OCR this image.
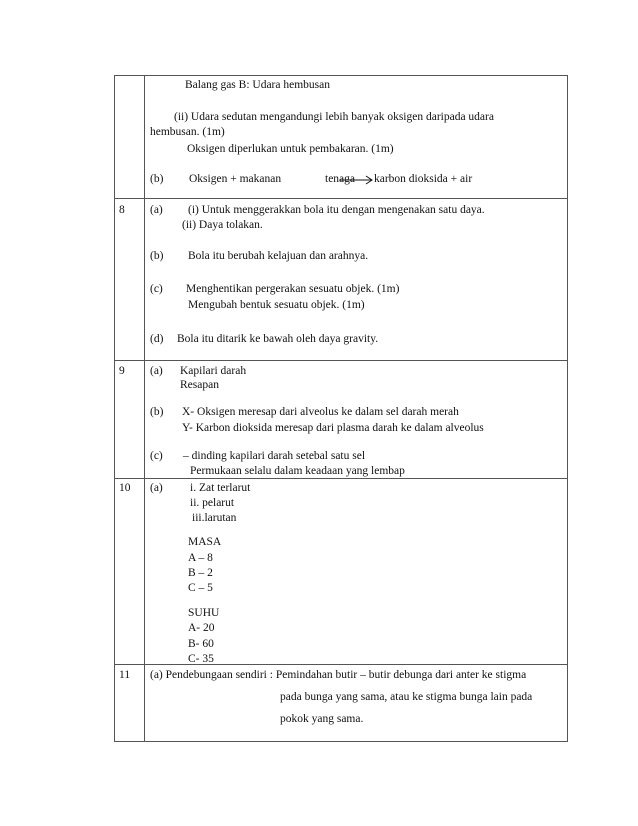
Balang gas B: Udara hembusan
(ii) Udara sedutan mengandungi lebih banyak oksigen daripada udara
hembusan. (1m)
Oksigen diperlukan untuk pembakaran. (1m)
(b) Oksigen + makanan	tenaga karbon dioksida + air
8 (a) (i) Untuk menggerakkan bola itu dengan mengenakan satu daya.
(ii) Daya tolakan.
(b) Bola itu berubah kelajuan dan arahnya.
(c) Menghentikan pergerakan sesuatu objek. (1m)
Mengubah bentuk sesuatu objek. (1m)
(d) Bola itu ditarik ke bawah oleh daya gravity.
9 (a) Kapilari darah
Resapan
(b) X- Oksigen meresap dari alveolus ke dalam sel darah merah
Y- Karbon dioksida meresap dari plasma darah ke dalam alveolus
(c) – dinding kapilari darah setebal satu sel
Permukaan selalu dalam keadaan yang lembap
10 (a) i. Zat terlarut
ii. pelarut
iii.larutan
MASA
A – 8
B – 2
C – 5
SUHU
A- 20
B- 60
C- 35
11 (a) Pendebungaan sendiri : Pemindahan butir – butir debunga dari anter ke stigma
pada bunga yang sama, atau ke stigma bunga lain pada
pokok yang sama.
